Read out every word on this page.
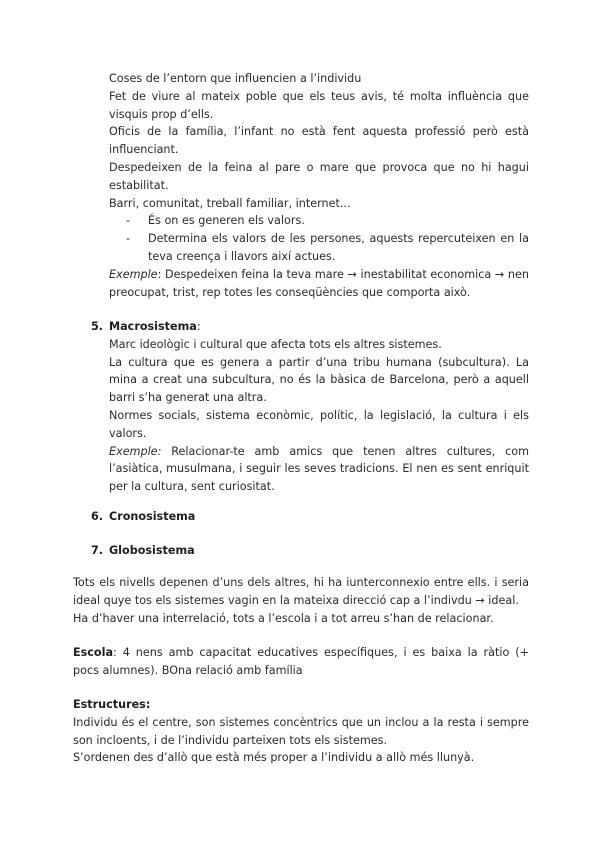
Coses de l’entorn que influencien a l’individu

Fet de viure al mateix poble que els teus avis, té molta influència que visquis prop d’ells.

Oficis de la família, l’infant no està fent aquesta professió però està influenciant.

Despedeixen de la feina al pare o mare que provoca que no hi hagui estabilitat.

Barri, comunitat, treball familiar, internet...

- És on es generen els valors.
- Determina els valors de les persones, aquests repercuteixen en la teva creença i llavors així actues.

Exemple: Despedeixen feina la teva mare → inestabilitat economica → nen preocupat, trist, rep totes les conseqüències que comporta això.

5. Macrosistema:

Marc ideològic i cultural que afecta tots els altres sistemes.

La cultura que es genera a partir d’una tribu humana (subcultura). La mina a creat una subcultura, no és la bàsica de Barcelona, però a aquell barri s’ha generat una altra.

Normes socials, sistema econòmic, polític, la legislació, la cultura i els valors.

Exemple: Relacionar-te amb amics que tenen altres cultures, com l’asiàtica, musulmana, i seguir les seves tradicions. El nen es sent enriquit per la cultura, sent curiositat.

6. Cronosistema
7. Globosistema

Tots els nivells depenen d’uns dels altres, hi ha iunterconnexio entre ells. i seria ideal quye tos els sistemes vagin en la mateixa direcció cap a l’indivdu → ideal.

Ha d’haver una interrelació, tots a l’escola i a tot arreu s’han de relacionar.

Escola: 4 nens amb capacitat educatives específiques, i es baixa la ràtio (+ pocs alumnes). BOna relació amb família

Estructures:

Individu és el centre, son sistemes concèntrics que un inclou a la resta i sempre son incloents, i de l’individu parteixen tots els sistemes.

S’ordenen des d’allò que està més proper a l’individu a allò més llunyà.
